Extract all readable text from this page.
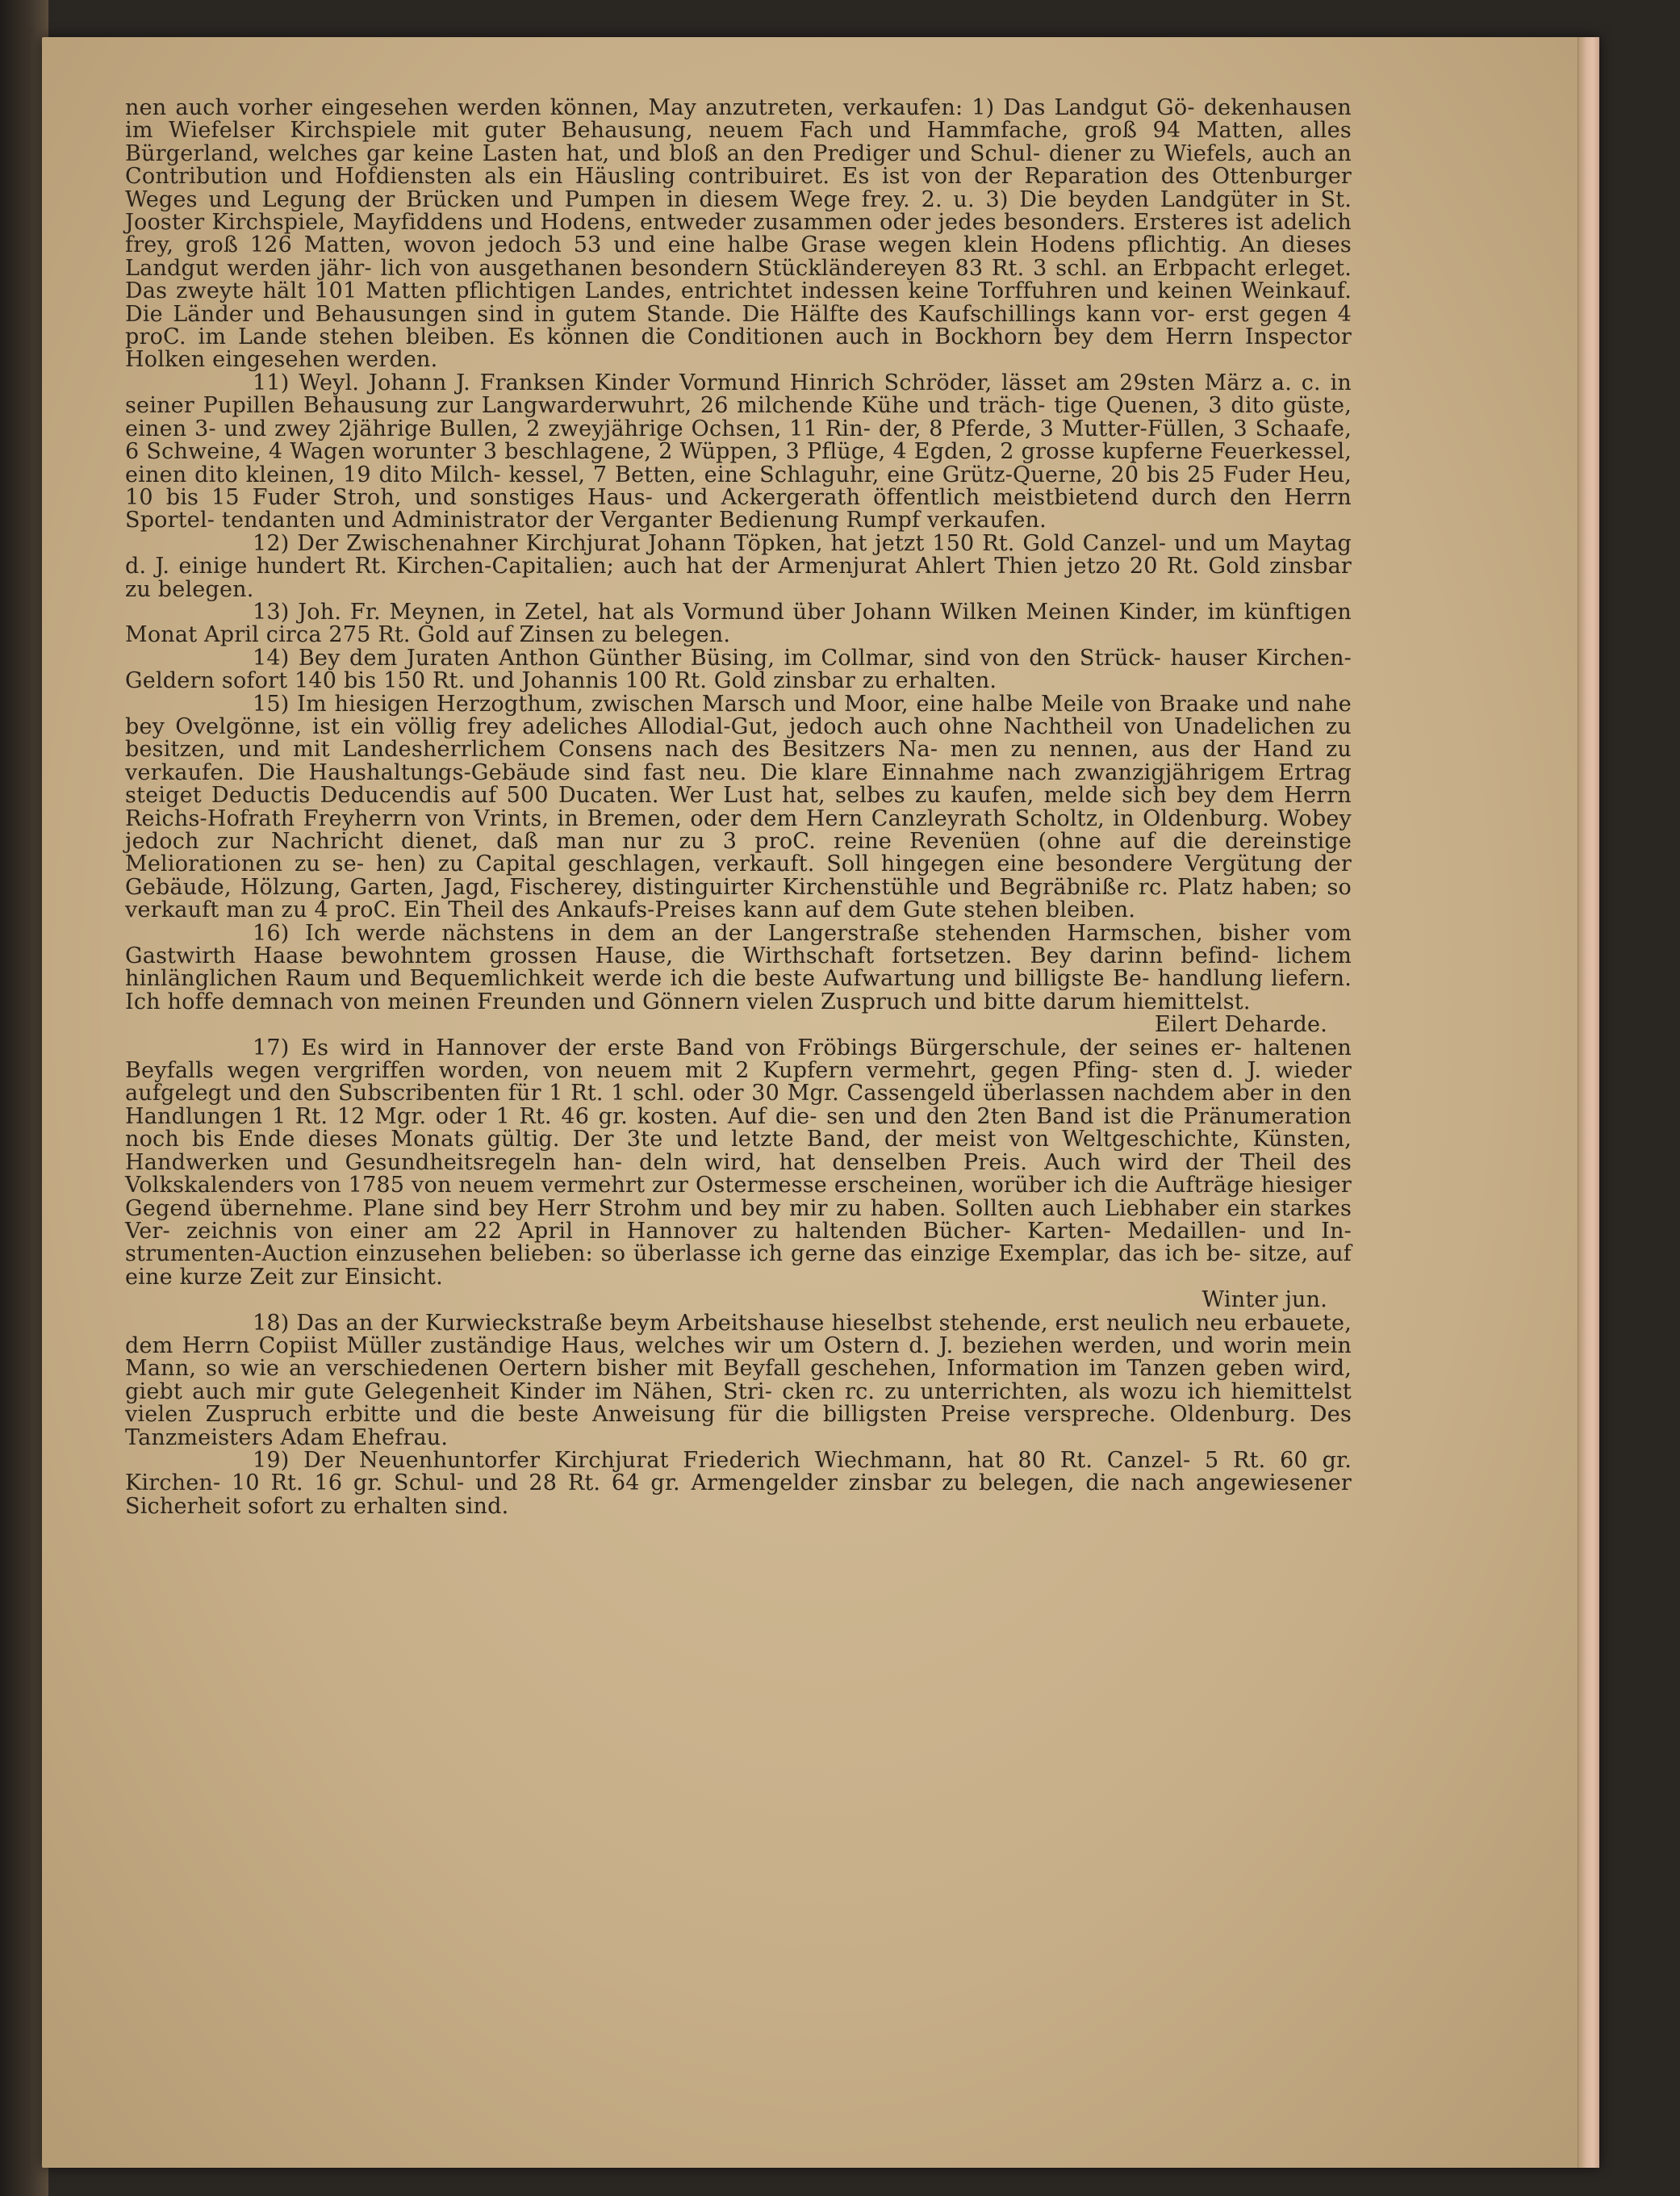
nen auch vorher eingesehen werden können, May anzutreten, verkaufen: 1) Das Landgut Gö- dekenhausen im Wiefelser Kirchspiele mit guter Behausung, neuem Fach und Hammfache, groß 94 Matten, alles Bürgerland, welches gar keine Lasten hat, und bloß an den Prediger und Schul- diener zu Wiefels, auch an Contribution und Hofdiensten als ein Häusling contribuiret. Es ist von der Reparation des Ottenburger Weges und Legung der Brücken und Pumpen in diesem Wege frey. 2. u. 3) Die beyden Landgüter in St. Jooster Kirchspiele, Mayfiddens und Hodens, entweder zusammen oder jedes besonders. Ersteres ist adelich frey, groß 126 Matten, wovon jedoch 53 und eine halbe Grase wegen klein Hodens pflichtig. An dieses Landgut werden jähr- lich von ausgethanen besondern Stückländereyen 83 Rt. 3 schl. an Erbpacht erleget. Das zweyte hält 101 Matten pflichtigen Landes, entrichtet indessen keine Torffuhren und keinen Weinkauf. Die Länder und Behausungen sind in gutem Stande. Die Hälfte des Kaufschillings kann vor- erst gegen 4 proC. im Lande stehen bleiben. Es können die Conditionen auch in Bockhorn bey dem Herrn Inspector Holken eingesehen werden.

11) Weyl. Johann J. Franksen Kinder Vormund Hinrich Schröder, lässet am 29sten März a. c. in seiner Pupillen Behausung zur Langwarderwuhrt, 26 milchende Kühe und träch- tige Quenen, 3 dito güste, einen 3- und zwey 2jährige Bullen, 2 zweyjährige Ochsen, 11 Rin- der, 8 Pferde, 3 Mutter-Füllen, 3 Schaafe, 6 Schweine, 4 Wagen worunter 3 beschlagene, 2 Wüppen, 3 Pflüge, 4 Egden, 2 grosse kupferne Feuerkessel, einen dito kleinen, 19 dito Milch- kessel, 7 Betten, eine Schlaguhr, eine Grütz-Querne, 20 bis 25 Fuder Heu, 10 bis 15 Fuder Stroh, und sonstiges Haus- und Ackergerath öffentlich meistbietend durch den Herrn Sportel- tendanten und Administrator der Verganter Bedienung Rumpf verkaufen.

12) Der Zwischenahner Kirchjurat Johann Töpken, hat jetzt 150 Rt. Gold Canzel- und um Maytag d. J. einige hundert Rt. Kirchen-Capitalien; auch hat der Armenjurat Ahlert Thien jetzo 20 Rt. Gold zinsbar zu belegen.

13) Joh. Fr. Meynen, in Zetel, hat als Vormund über Johann Wilken Meinen Kinder, im künftigen Monat April circa 275 Rt. Gold auf Zinsen zu belegen.

14) Bey dem Juraten Anthon Günther Büsing, im Collmar, sind von den Strück- hauser Kirchen-Geldern sofort 140 bis 150 Rt. und Johannis 100 Rt. Gold zinsbar zu erhalten.

15) Im hiesigen Herzogthum, zwischen Marsch und Moor, eine halbe Meile von Braake und nahe bey Ovelgönne, ist ein völlig frey adeliches Allodial-Gut, jedoch auch ohne Nachtheil von Unadelichen zu besitzen, und mit Landesherrlichem Consens nach des Besitzers Na- men zu nennen, aus der Hand zu verkaufen. Die Haushaltungs-Gebäude sind fast neu. Die klare Einnahme nach zwanzigjährigem Ertrag steiget Deductis Deducendis auf 500 Ducaten. Wer Lust hat, selbes zu kaufen, melde sich bey dem Herrn Reichs-Hofrath Freyherrn von Vrints, in Bremen, oder dem Hern Canzleyrath Scholtz, in Oldenburg. Wobey jedoch zur Nachricht dienet, daß man nur zu 3 proC. reine Revenüen (ohne auf die dereinstige Meliorationen zu se- hen) zu Capital geschlagen, verkauft. Soll hingegen eine besondere Vergütung der Gebäude, Hölzung, Garten, Jagd, Fischerey, distinguirter Kirchenstühle und Begräbniße rc. Platz haben; so verkauft man zu 4 proC. Ein Theil des Ankaufs-Preises kann auf dem Gute stehen bleiben.

16) Ich werde nächstens in dem an der Langerstraße stehenden Harmschen, bisher vom Gastwirth Haase bewohntem grossen Hause, die Wirthschaft fortsetzen. Bey darinn befind- lichem hinlänglichen Raum und Bequemlichkeit werde ich die beste Aufwartung und billigste Be- handlung liefern. Ich hoffe demnach von meinen Freunden und Gönnern vielen Zuspruch und bitte darum hiemittelst.

Eilert Deharde.

17) Es wird in Hannover der erste Band von Fröbings Bürgerschule, der seines er- haltenen Beyfalls wegen vergriffen worden, von neuem mit 2 Kupfern vermehrt, gegen Pfing- sten d. J. wieder aufgelegt und den Subscribenten für 1 Rt. 1 schl. oder 30 Mgr. Cassengeld überlassen nachdem aber in den Handlungen 1 Rt. 12 Mgr. oder 1 Rt. 46 gr. kosten. Auf die- sen und den 2ten Band ist die Pränumeration noch bis Ende dieses Monats gültig. Der 3te und letzte Band, der meist von Weltgeschichte, Künsten, Handwerken und Gesundheitsregeln han- deln wird, hat denselben Preis. Auch wird der Theil des Volkskalenders von 1785 von neuem vermehrt zur Ostermesse erscheinen, worüber ich die Aufträge hiesiger Gegend übernehme. Plane sind bey Herr Strohm und bey mir zu haben. Sollten auch Liebhaber ein starkes Ver- zeichnis von einer am 22 April in Hannover zu haltenden Bücher- Karten- Medaillen- und In- strumenten-Auction einzusehen belieben: so überlasse ich gerne das einzige Exemplar, das ich be- sitze, auf eine kurze Zeit zur Einsicht.

Winter jun.

18) Das an der Kurwieckstraße beym Arbeitshause hieselbst stehende, erst neulich neu erbauete, dem Herrn Copiist Müller zuständige Haus, welches wir um Ostern d. J. beziehen werden, und worin mein Mann, so wie an verschiedenen Oertern bisher mit Beyfall geschehen, Information im Tanzen geben wird, giebt auch mir gute Gelegenheit Kinder im Nähen, Stri- cken rc. zu unterrichten, als wozu ich hiemittelst vielen Zuspruch erbitte und die beste Anweisung für die billigsten Preise verspreche. Oldenburg. Des Tanzmeisters Adam Ehefrau.

19) Der Neuenhuntorfer Kirchjurat Friederich Wiechmann, hat 80 Rt. Canzel- 5 Rt. 60 gr. Kirchen- 10 Rt. 16 gr. Schul- und 28 Rt. 64 gr. Armengelder zinsbar zu belegen, die nach angewiesener Sicherheit sofort zu erhalten sind.
